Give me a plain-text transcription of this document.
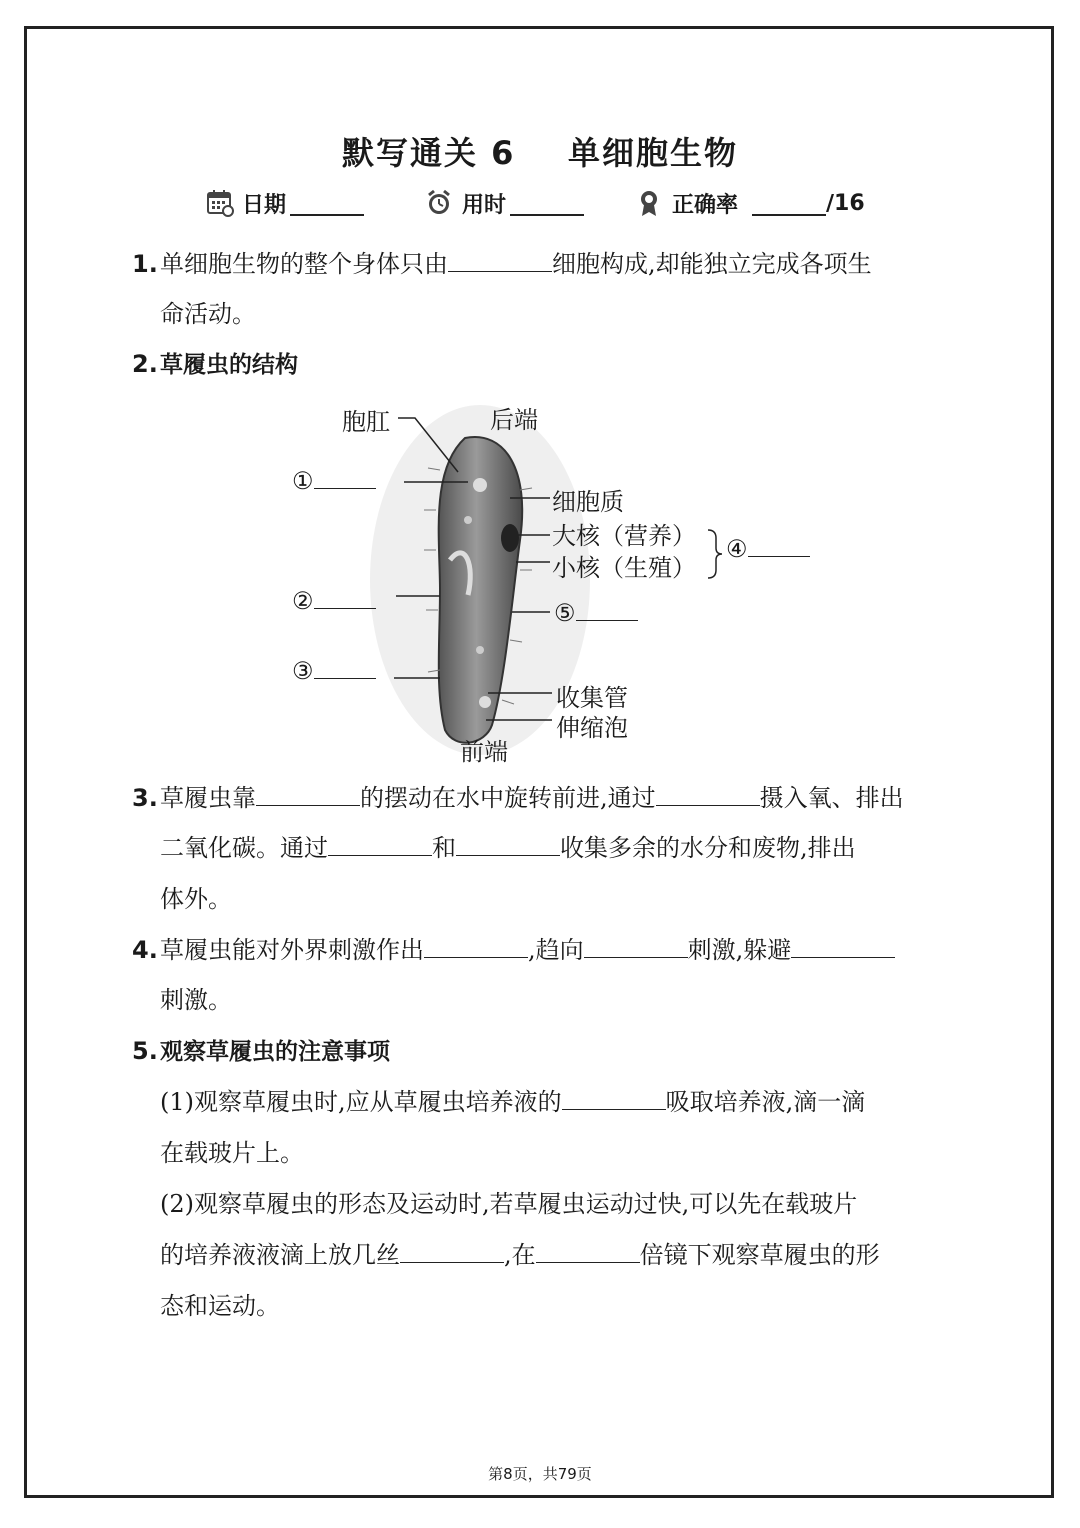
默写通关 6    单细胞生物
日期	用时	正确率	∕16
1. 单细胞生物的整个身体只由	细胞构成,却能独立完成各项生
命活动。
2. 草履虫的结构
胞肛	后端
①
②
③
细胞质
大核（营养）
小核（生殖）
④
⑤
收集管
伸缩泡
前端
3. 草履虫靠	的摆动在水中旋转前进,通过	摄入氧、排出
二氧化碳。通过	和	收集多余的水分和废物,排出
体外。
4. 草履虫能对外界刺激作出	,趋向	刺激,躲避
刺激。
5. 观察草履虫的注意事项
(1)观察草履虫时,应从草履虫培养液的	吸取培养液,滴一滴
在载玻片上。
(2)观察草履虫的形态及运动时,若草履虫运动过快,可以先在载玻片
的培养液液滴上放几丝	,在	倍镜下观察草履虫的形
态和运动。
第8页，共79页
